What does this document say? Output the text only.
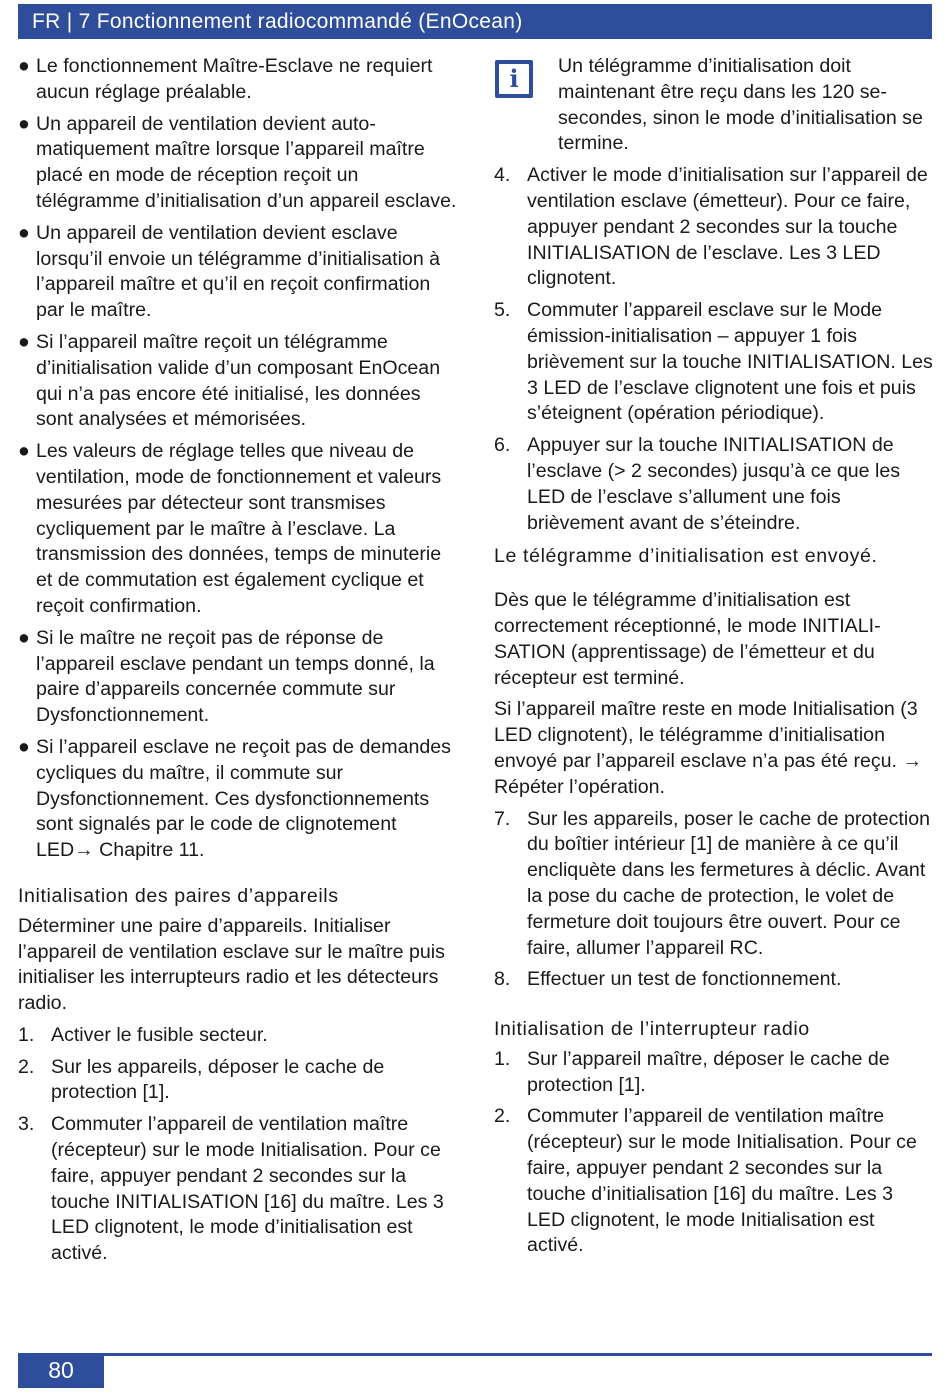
FR | 7 Fonctionnement radiocommandé (EnOcean)
● Le fonctionnement Maître-Esclave ne requiert aucun réglage préalable.
● Un appareil de ventilation devient automatiquement maître lorsque l’appareil maître placé en mode de réception reçoit un télégramme d’initialisation d’un appareil esclave.
● Un appareil de ventilation devient esclave lorsqu’il envoie un télégramme d’initialisation à l’appareil maître et qu’il en reçoit confirmation par le maître.
● Si l’appareil maître reçoit un télégramme d’initialisation valide d’un composant EnOcean qui n’a pas encore été initialisé, les données sont analysées et mémorisées.
● Les valeurs de réglage telles que niveau de ventilation, mode de fonctionnement et valeurs mesurées par détecteur sont transmises cycliquement par le maître à l’esclave. La transmission des données, temps de minuterie et de commutation est également cyclique et reçoit confirmation.
● Si le maître ne reçoit pas de réponse de l’appareil esclave pendant un temps donné, la paire d’appareils concernée commute sur Dysfonctionnement.
● Si l’appareil esclave ne reçoit pas de demandes cycliques du maître, il commute sur Dysfonctionnement. Ces dysfonctionnements sont signalés par le code de clignotement LED→ Chapitre 11.
Initialisation des paires d’appareils
Déterminer une paire d’appareils. Initialiser l’appareil de ventilation esclave sur le maître puis initialiser les interrupteurs radio et les détecteurs radio.
1. Activer le fusible secteur.
2. Sur les appareils, déposer le cache de protection [1].
3. Commuter l’appareil de ventilation maître (récepteur) sur le mode Initialisation. Pour ce faire, appuyer pendant 2 secondes sur la touche INITIALISATION [16] du maître. Les 3 LED clignotent, le mode d’initialisation est activé.
i	Un télégramme d’initialisation doit maintenant être reçu dans les 120 sesecondes, sinon le mode d’initialisation se termine.
4. Activer le mode d’initialisation sur l’appareil de ventilation esclave (émetteur). Pour ce faire, appuyer pendant 2 secondes sur la touche INITIALISATION de l’esclave. Les 3 LED clignotent.
5. Commuter l’appareil esclave sur le Mode émission-initialisation – appuyer 1 fois brièvement sur la touche INITIALISATION. Les 3 LED de l’esclave clignotent une fois et puis s’éteignent (opération périodique).
6. Appuyer sur la touche INITIALISATION de l’esclave (> 2 secondes) jusqu’à ce que les LED de l’esclave s’allument une fois brièvement avant de s’éteindre.
Le télégramme d’initialisation est envoyé.
Dès que le télégramme d’initialisation est correctement réceptionné, le mode INITIALISATION (apprentissage) de l’émetteur et du récepteur est terminé.
Si l’appareil maître reste en mode Initialisation (3 LED clignotent), le télégramme d’initialisation envoyé par l’appareil esclave n’a pas été reçu. → Répéter l’opération.
7. Sur les appareils, poser le cache de protection du boîtier intérieur [1] de manière à ce qu’il encliquète dans les fermetures à déclic. Avant la pose du cache de protection, le volet de fermeture doit toujours être ouvert. Pour ce faire, allumer l’appareil RC.
8. Effectuer un test de fonctionnement.
Initialisation de l’interrupteur radio
1. Sur l’appareil maître, déposer le cache de protection [1].
2. Commuter l’appareil de ventilation maître (récepteur) sur le mode Initialisation. Pour ce faire, appuyer pendant 2 secondes sur la touche d’initialisation [16] du maître. Les 3 LED clignotent, le mode Initialisation est activé.
80
